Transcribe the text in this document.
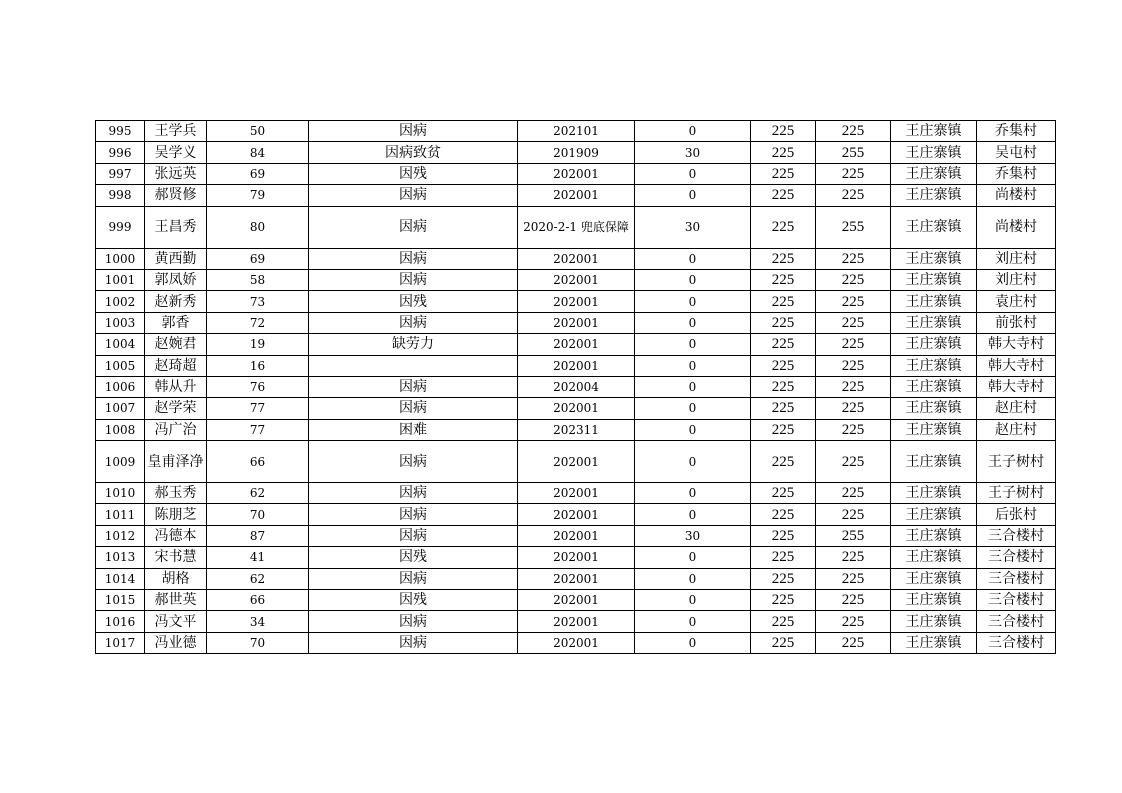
995	王学兵	50	因病	202101	0	225	225	王庄寨镇	乔集村
996	吴学义	84	因病致贫	201909	30	225	255	王庄寨镇	吴屯村
997	张远英	69	因残	202001	0	225	225	王庄寨镇	乔集村
998	郝贤修	79	因病	202001	0	225	225	王庄寨镇	尚楼村
999	王昌秀	80	因病	2020-2-1 兜底保障	30	225	255	王庄寨镇	尚楼村
1000	黄西勤	69	因病	202001	0	225	225	王庄寨镇	刘庄村
1001	郭凤娇	58	因病	202001	0	225	225	王庄寨镇	刘庄村
1002	赵新秀	73	因残	202001	0	225	225	王庄寨镇	袁庄村
1003	郭香	72	因病	202001	0	225	225	王庄寨镇	前张村
1004	赵婉君	19	缺劳力	202001	0	225	225	王庄寨镇	韩大寺村
1005	赵琦超	16		202001	0	225	225	王庄寨镇	韩大寺村
1006	韩从升	76	因病	202004	0	225	225	王庄寨镇	韩大寺村
1007	赵学荣	77	因病	202001	0	225	225	王庄寨镇	赵庄村
1008	冯广治	77	困难	202311	0	225	225	王庄寨镇	赵庄村
1009	皇甫泽净	66	因病	202001	0	225	225	王庄寨镇	王子树村
1010	郝玉秀	62	因病	202001	0	225	225	王庄寨镇	王子树村
1011	陈朋芝	70	因病	202001	0	225	225	王庄寨镇	后张村
1012	冯德本	87	因病	202001	30	225	255	王庄寨镇	三合楼村
1013	宋书慧	41	因残	202001	0	225	225	王庄寨镇	三合楼村
1014	胡格	62	因病	202001	0	225	225	王庄寨镇	三合楼村
1015	郝世英	66	因残	202001	0	225	225	王庄寨镇	三合楼村
1016	冯文平	34	因病	202001	0	225	225	王庄寨镇	三合楼村
1017	冯业德	70	因病	202001	0	225	225	王庄寨镇	三合楼村
